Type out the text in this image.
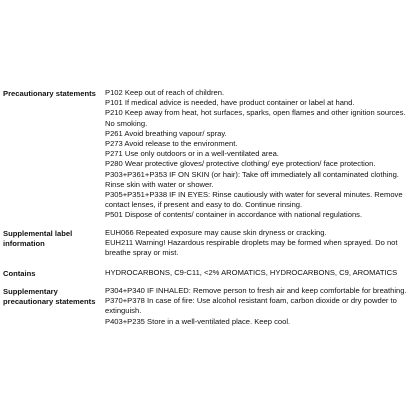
Precautionary statements	P102 Keep out of reach of children.
P101 If medical advice is needed, have product container or label at hand.
P210 Keep away from heat, hot surfaces, sparks, open flames and other ignition sources. No smoking.
P261 Avoid breathing vapour/ spray.
P273 Avoid release to the environment.
P271 Use only outdoors or in a well-ventilated area.
P280 Wear protective gloves/ protective clothing/ eye protection/ face protection.
P303+P361+P353 IF ON SKIN (or hair): Take off immediately all contaminated clothing. Rinse skin with water or shower.
P305+P351+P338 IF IN EYES: Rinse cautiously with water for several minutes. Remove contact lenses, if present and easy to do. Continue rinsing.
P501 Dispose of contents/ container in accordance with national regulations.
Supplemental label information
EUH066 Repeated exposure may cause skin dryness or cracking.
EUH211 Warning! Hazardous respirable droplets may be formed when sprayed. Do not breathe spray or mist.
Contains	HYDROCARBONS, C9-C11, <2% AROMATICS, HYDROCARBONS, C9, AROMATICS
Supplementary precautionary statements
P304+P340 IF INHALED: Remove person to fresh air and keep comfortable for breathing.
P370+P378 In case of fire: Use alcohol resistant foam, carbon dioxide or dry powder to extinguish.
P403+P235 Store in a well-ventilated place. Keep cool.
